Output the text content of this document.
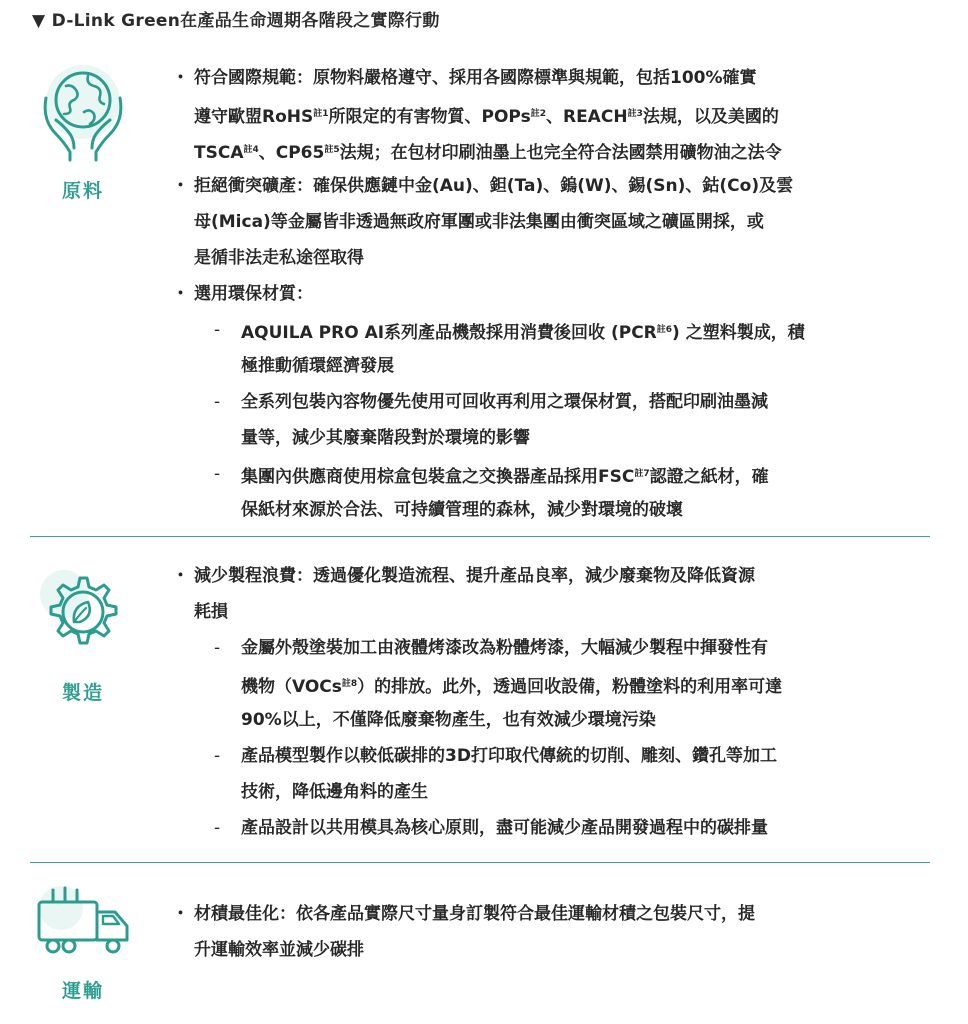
▼ D-Link Green在產品生命週期各階段之實際行動
原料
・ 符合國際規範：原物料嚴格遵守、採用各國際標準與規範，包括100%確實
遵守歐盟RoHS$^{註1}$所限定的有害物質、POPs$^{註2}$、REACH$^{註3}$法規，以及美國的
TSCA$^{註4}$、CP65$^{註5}$法規；在包材印刷油墨上也完全符合法國禁用礦物油之法令
・ 拒絕衝突礦產：確保供應鏈中金(Au)、鉭(Ta)、鎢(W)、錫(Sn)、鈷(Co)及雲
母(Mica)等金屬皆非透過無政府軍團或非法集團由衝突區域之礦區開採，或
是循非法走私途徑取得
・ 選用環保材質：
- AQUILA PRO AI系列產品機殼採用消費後回收 (PCR$^{註6}$) 之塑料製成，積
極推動循環經濟發展
- 全系列包裝內容物優先使用可回收再利用之環保材質，搭配印刷油墨減
量等，減少其廢棄階段對於環境的影響
- 集團內供應商使用棕盒包裝盒之交換器產品採用FSC$^{註7}$認證之紙材，確
保紙材來源於合法、可持續管理的森林，減少對環境的破壞
製造
・ 減少製程浪費：透過優化製造流程、提升產品良率，減少廢棄物及降低資源
耗損
- 金屬外殼塗裝加工由液體烤漆改為粉體烤漆，大幅減少製程中揮發性有
機物（VOCs$^{註8}$）的排放。此外，透過回收設備，粉體塗料的利用率可達
90%以上，不僅降低廢棄物產生，也有效減少環境污染
- 產品模型製作以較低碳排的3D打印取代傳統的切削、雕刻、鑽孔等加工
技術，降低邊角料的產生
- 產品設計以共用模具為核心原則，盡可能減少產品開發過程中的碳排量
運輸
・ 材積最佳化：依各產品實際尺寸量身訂製符合最佳運輸材積之包裝尺寸，提
升運輸效率並減少碳排
